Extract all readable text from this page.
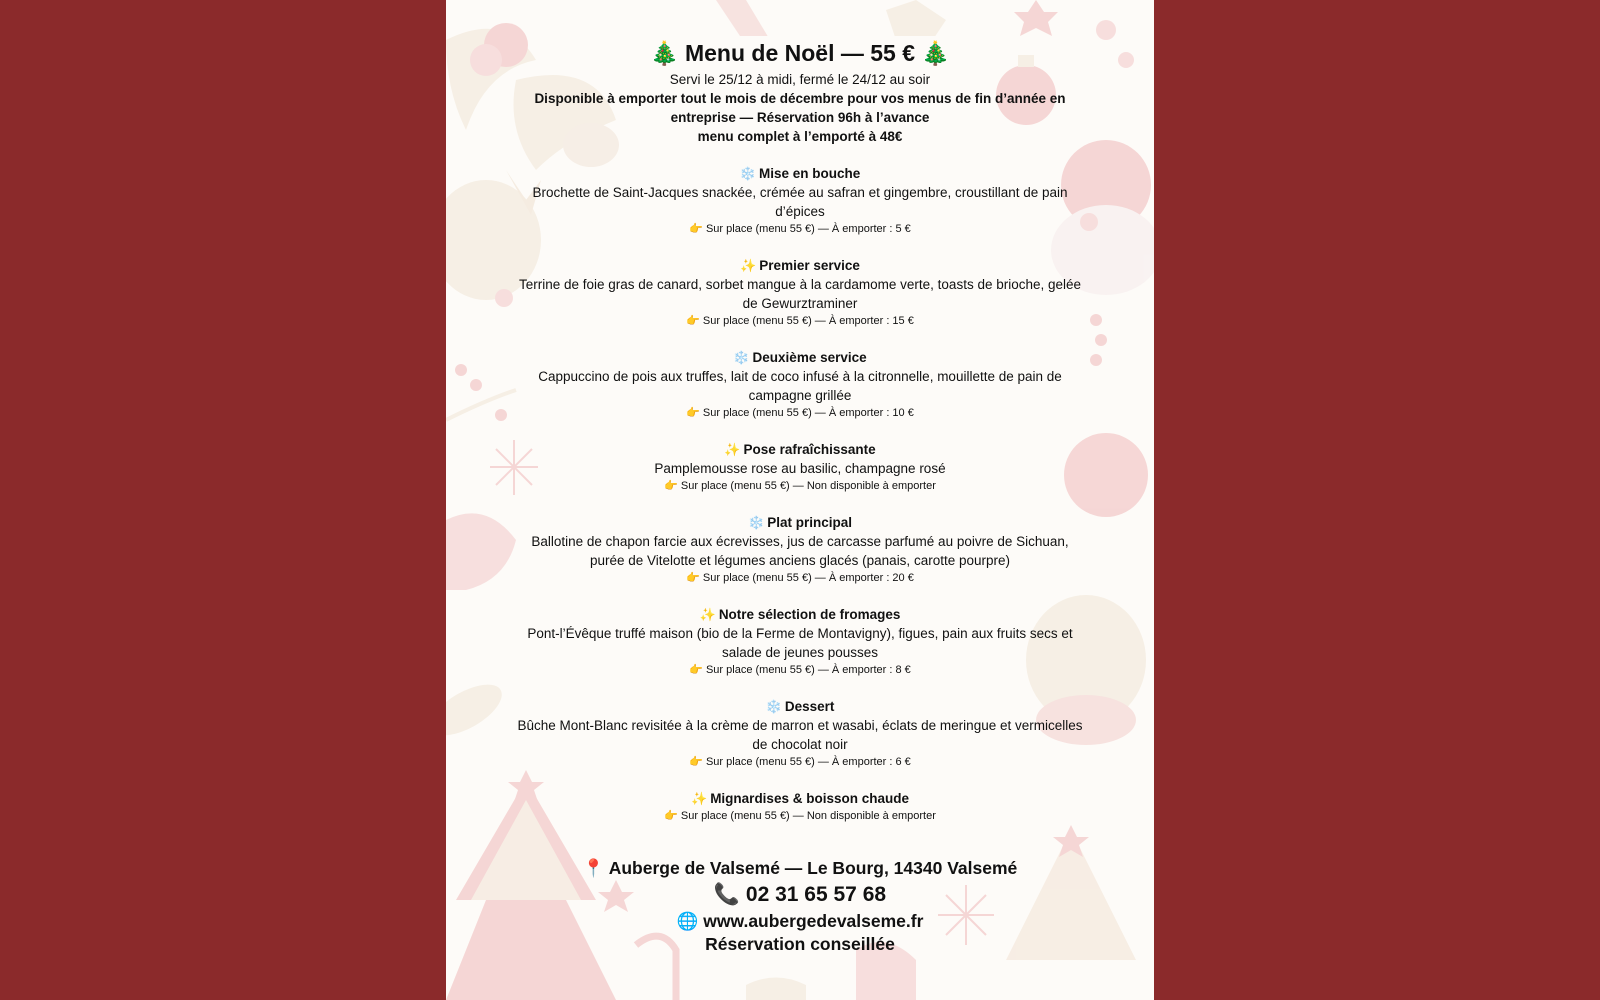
🎄 Menu de Noël — 55 € 🎄
Servi le 25/12 à midi, fermé le 24/12 au soir
Disponible à emporter tout le mois de décembre pour vos menus de fin d’année en entreprise — Réservation 96h à l’avance
menu complet à l’emporté à 48€
❄️ Mise en bouche
Brochette de Saint-Jacques snackée, crémée au safran et gingembre, croustillant de pain d’épices
👉 Sur place (menu 55 €) — À emporter : 5 €
✨ Premier service
Terrine de foie gras de canard, sorbet mangue à la cardamome verte, toasts de brioche, gelée de Gewurztraminer
👉 Sur place (menu 55 €) — À emporter : 15 €
❄️ Deuxième service
Cappuccino de pois aux truffes, lait de coco infusé à la citronnelle, mouillette de pain de campagne grillée
👉 Sur place (menu 55 €) — À emporter : 10 €
✨ Pose rafraîchissante
Pamplemousse rose au basilic, champagne rosé
👉 Sur place (menu 55 €) — Non disponible à emporter
❄️ Plat principal
Ballotine de chapon farcie aux écrevisses, jus de carcasse parfumé au poivre de Sichuan, purée de Vitelotte et légumes anciens glacés (panais, carotte pourpre)
👉 Sur place (menu 55 €) — À emporter : 20 €
✨ Notre sélection de fromages
Pont-l’Évêque truffé maison (bio de la Ferme de Montavigny), figues, pain aux fruits secs et salade de jeunes pousses
👉 Sur place (menu 55 €) — À emporter : 8 €
❄️ Dessert
Bûche Mont-Blanc revisitée à la crème de marron et wasabi, éclats de meringue et vermicelles de chocolat noir
👉 Sur place (menu 55 €) — À emporter : 6 €
✨ Mignardises & boisson chaude
👉 Sur place (menu 55 €) — Non disponible à emporter
📍 Auberge de Valsemé — Le Bourg, 14340 Valsemé
📞 02 31 65 57 68
🌐 www.aubergedevalseme.fr
Réservation conseillée
